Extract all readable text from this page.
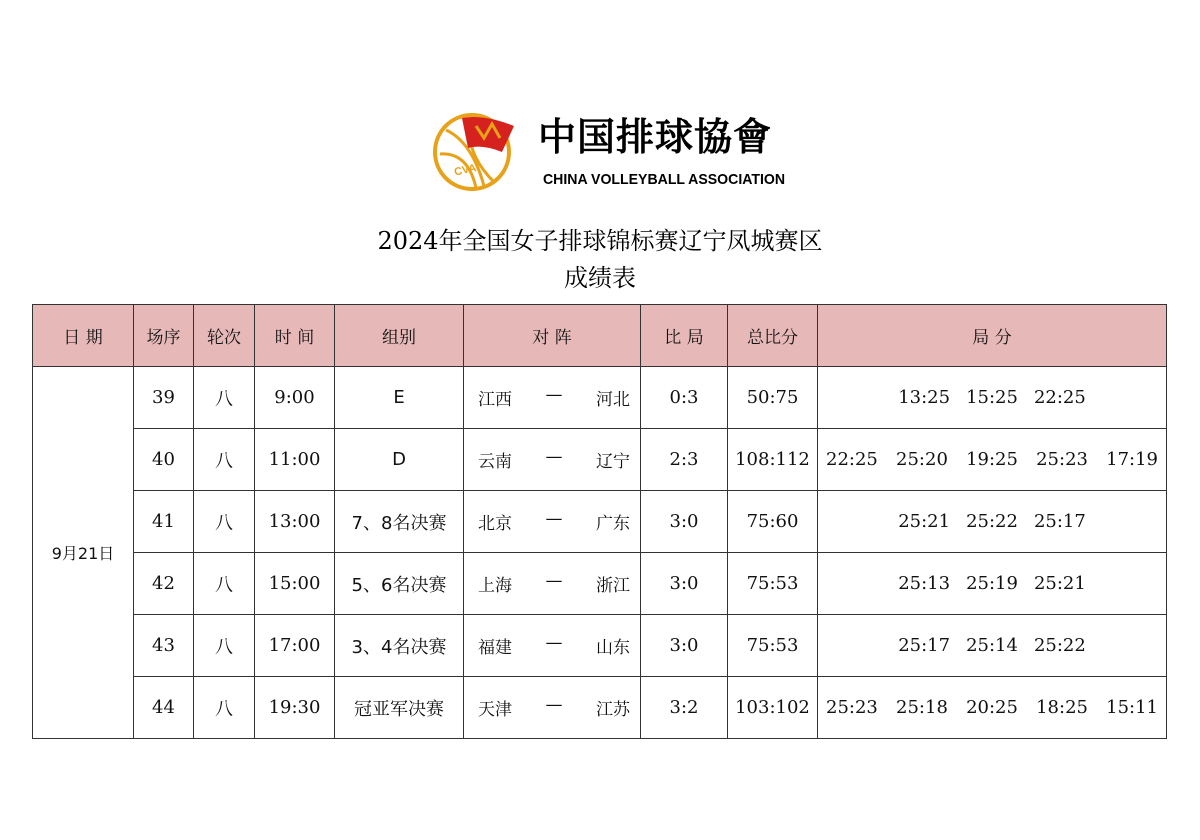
CVA
中国排球協會
CHINA VOLLEYBALL ASSOCIATION
2024年全国女子排球锦标赛辽宁凤城赛区
成绩表
日 期	场序	轮次	时 间	组别	对 阵	比 局	总比分	局 分
9月21日	39	八	9:00	E	江西 — 河北	0:3	50:75	13:25 15:25 22:25

	40	八	11:00	D	云南 — 辽宁	2:3	108:112	22:25 25:20 19:25 25:23 17:19

	41	八	13:00	7、8名决赛	北京 — 广东	3:0	75:60	25:21 25:22 25:17

	42	八	15:00	5、6名决赛	上海 — 浙江	3:0	75:53	25:13 25:19 25:21

	43	八	17:00	3、4名决赛	福建 — 山东	3:0	75:53	25:17 25:14 25:22

	44	八	19:30	冠亚军决赛	天津 — 江苏	3:2	103:102	25:23 25:18 20:25 18:25 15:11
